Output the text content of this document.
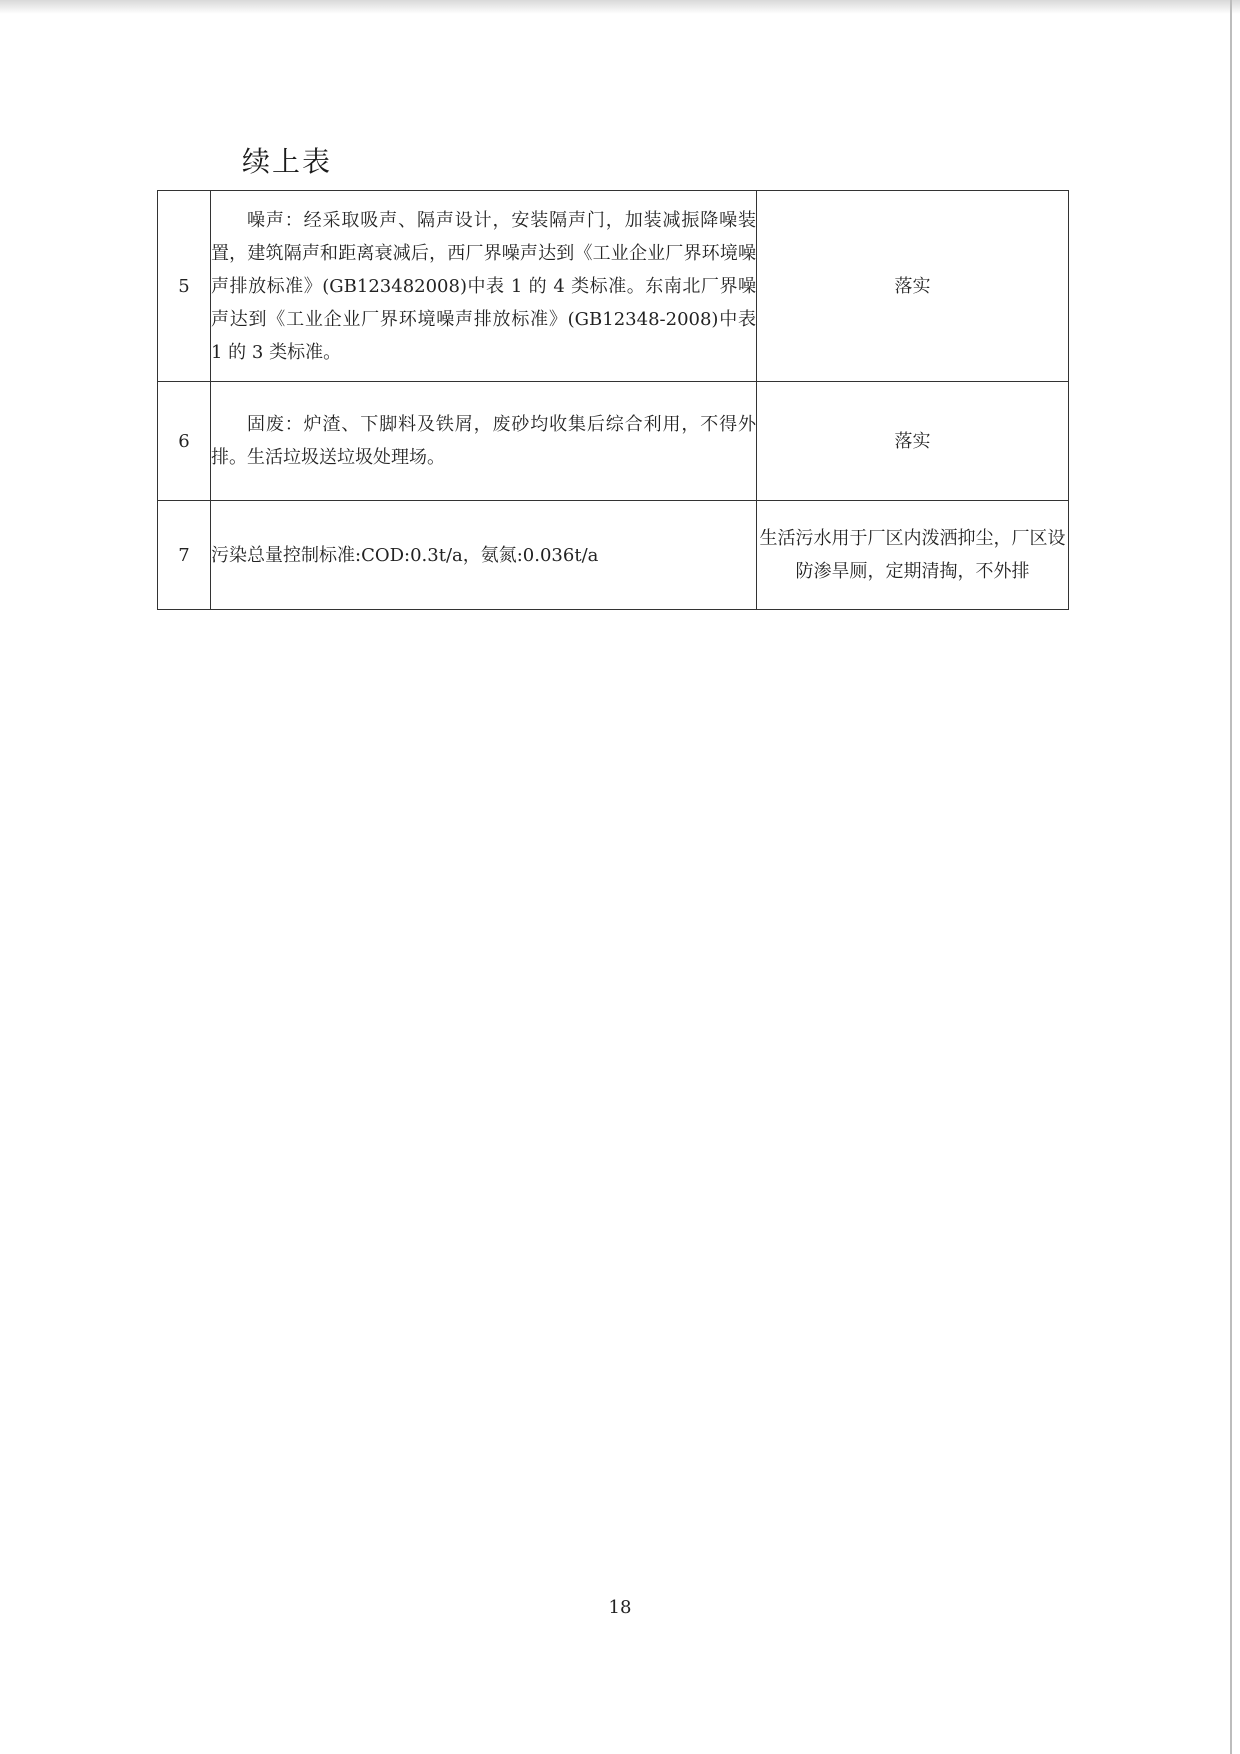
续上表
5	噪声：经采取吸声、隔声设计，安装隔声门，加装减振降噪装置，建筑隔声和距离衰减后，西厂界噪声达到《工业企业厂界环境噪声排放标准》(GB123482008)中表 1 的 4 类标准。东南北厂界噪声达到《工业企业厂界环境噪声排放标准》(GB12348-2008)中表 1 的 3 类标准。	落实
6	固废：炉渣、下脚料及铁屑，废砂均收集后综合利用，不得外排。生活垃圾送垃圾处理场。	落实
7	污染总量控制标准:COD:0.3t/a，氨氮:0.036t/a	生活污水用于厂区内泼洒抑尘，厂区设防渗旱厕，定期清掏，不外排
18
